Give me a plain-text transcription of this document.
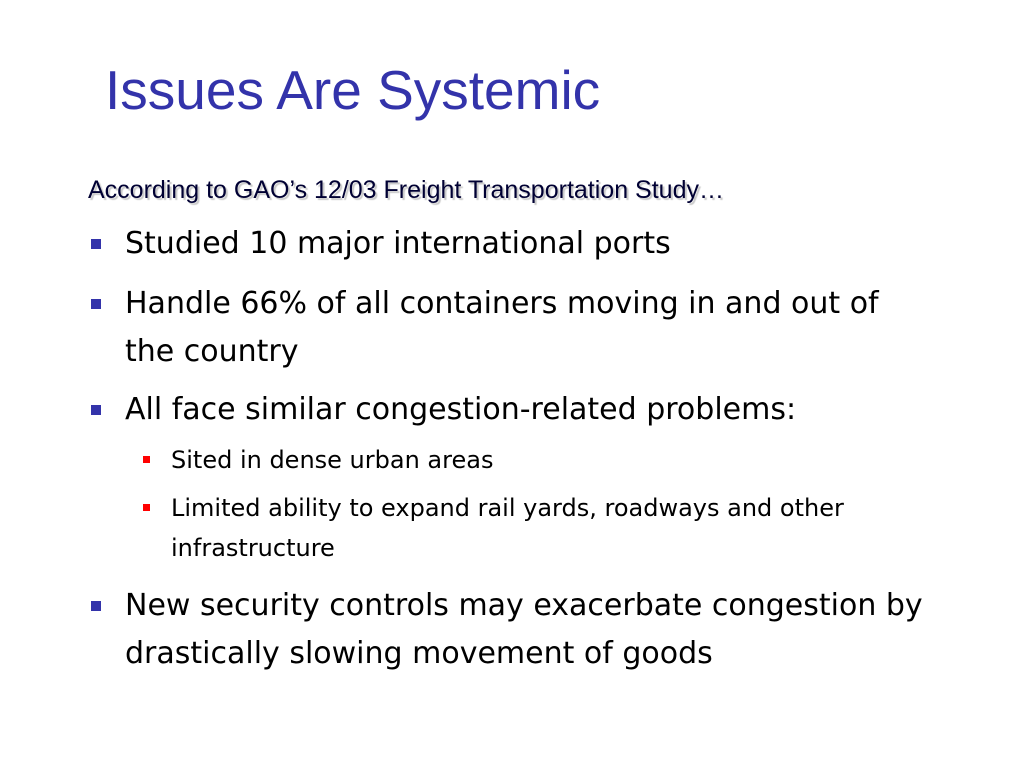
Issues Are Systemic

According to GAO’s 12/03 Freight Transportation Study…

Studied 10 major international ports
Handle 66% of all containers moving in and out of the country
All face similar congestion-related problems:
Sited in dense urban areas
Limited ability to expand rail yards, roadways and other infrastructure
New security controls may exacerbate congestion by drastically slowing movement of goods
